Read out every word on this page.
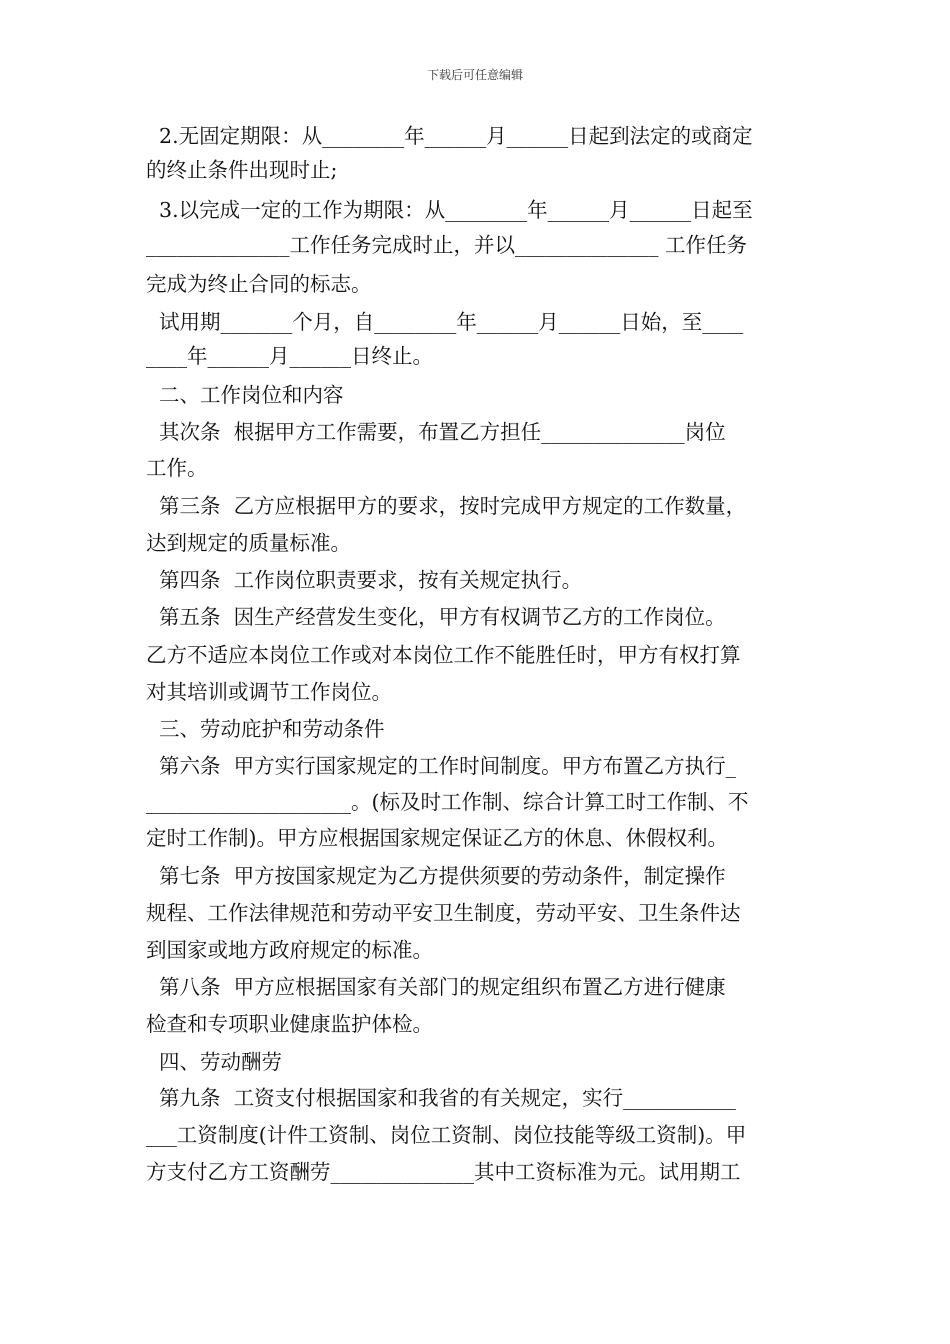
下载后可任意编辑
2.无固定期限：从________年______月______日起到法定的或商定
的终止条件出现时止;
3.以完成一定的工作为期限：从________年______月______日起至
______________工作任务完成时止，并以______________ 工作任务
完成为终止合同的标志。
试用期_______个月，自________年______月______日始，至____
____年______月______日终止。
二、工作岗位和内容
其次条  根据甲方工作需要，布置乙方担任______________岗位
工作。
第三条  乙方应根据甲方的要求，按时完成甲方规定的工作数量，
达到规定的质量标准。
第四条  工作岗位职责要求，按有关规定执行。
第五条  因生产经营发生变化，甲方有权调节乙方的工作岗位。
乙方不适应本岗位工作或对本岗位工作不能胜任时，甲方有权打算
对其培训或调节工作岗位。
三、劳动庇护和劳动条件
第六条  甲方实行国家规定的工作时间制度。甲方布置乙方执行_
____________________。(标及时工作制、综合计算工时工作制、不
定时工作制)。甲方应根据国家规定保证乙方的休息、休假权利。
第七条  甲方按国家规定为乙方提供须要的劳动条件，制定操作
规程、工作法律规范和劳动平安卫生制度，劳动平安、卫生条件达
到国家或地方政府规定的标准。
第八条  甲方应根据国家有关部门的规定组织布置乙方进行健康
检查和专项职业健康监护体检。
四、劳动酬劳
第九条  工资支付根据国家和我省的有关规定，实行___________
___工资制度(计件工资制、岗位工资制、岗位技能等级工资制)。甲
方支付乙方工资酬劳______________其中工资标准为元。试用期工
